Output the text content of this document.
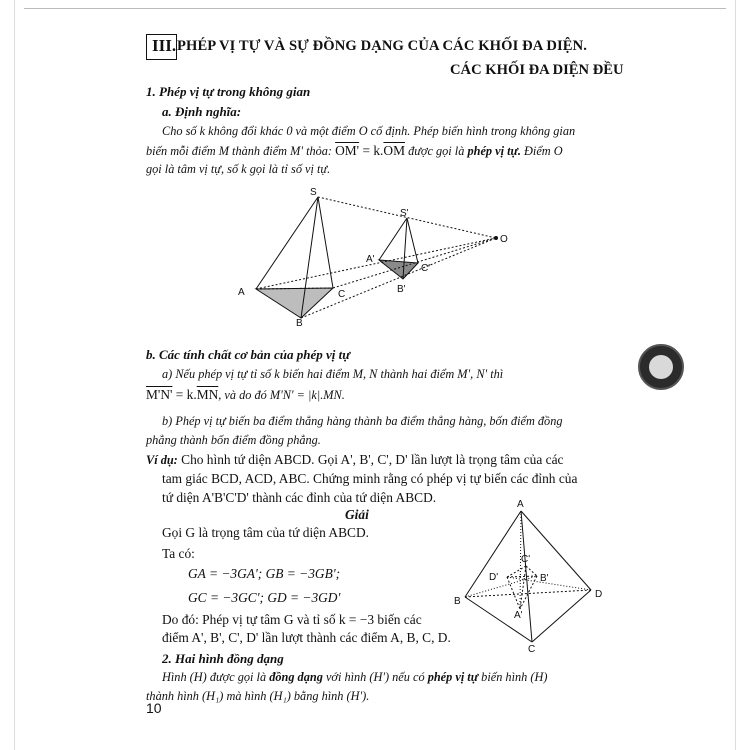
III. PHÉP VỊ TỰ VÀ SỰ ĐỒNG DẠNG CỦA CÁC KHỐI ĐA DIỆN.
CÁC KHỐI ĐA DIỆN ĐỀU
1. Phép vị tự trong không gian
a. Định nghĩa:
Cho số k không đổi khác 0 và một điểm O cố định. Phép biến hình trong không gian
biến mỗi điểm M thành điểm M' thỏa: $OM' = k.\overline{OM}$ được gọi là phép vị tự. Điểm O
gọi là tâm vị tự, số k gọi là tỉ số vị tự.
S
S'
A
A'
B
B'
C
C'
O
b. Các tính chất cơ bản của phép vị tự
a) Nếu phép vị tự tỉ số k biến hai điểm M, N thành hai điểm M', N' thì
$M'N' = k.\overline{MN}$, và do đó M'N' = |k|.MN.
b) Phép vị tự biến ba điểm thẳng hàng thành ba điểm thẳng hàng, bốn điểm đồng
phẳng thành bốn điểm đồng phẳng.
Ví dụ: Cho hình tứ diện ABCD. Gọi A', B', C', D' lần lượt là trọng tâm của các
tam giác BCD, ACD, ABC. Chứng minh rằng có phép vị tự biến các đỉnh của
tứ diện A'B'C'D' thành các đỉnh của tứ diện ABCD.
Giải
Gọi G là trọng tâm của tứ diện ABCD.
Ta có:
GA = −3GA'; GB = −3GB';
GC = −3GC'; GD = −3GD'
Do đó: Phép vị tự tâm G và tỉ số k = −3 biến các
điểm A', B', C', D' lần lượt thành các điểm A, B, C, D.
A
B
C
D
A'
B'
C'
D'
2. Hai hình đồng dạng
Hình (H) được gọi là đồng dạng với hình (H') nếu có phép vị tự biến hình (H)
thành hình (H₁) mà hình (H₁) bằng hình (H').
10
